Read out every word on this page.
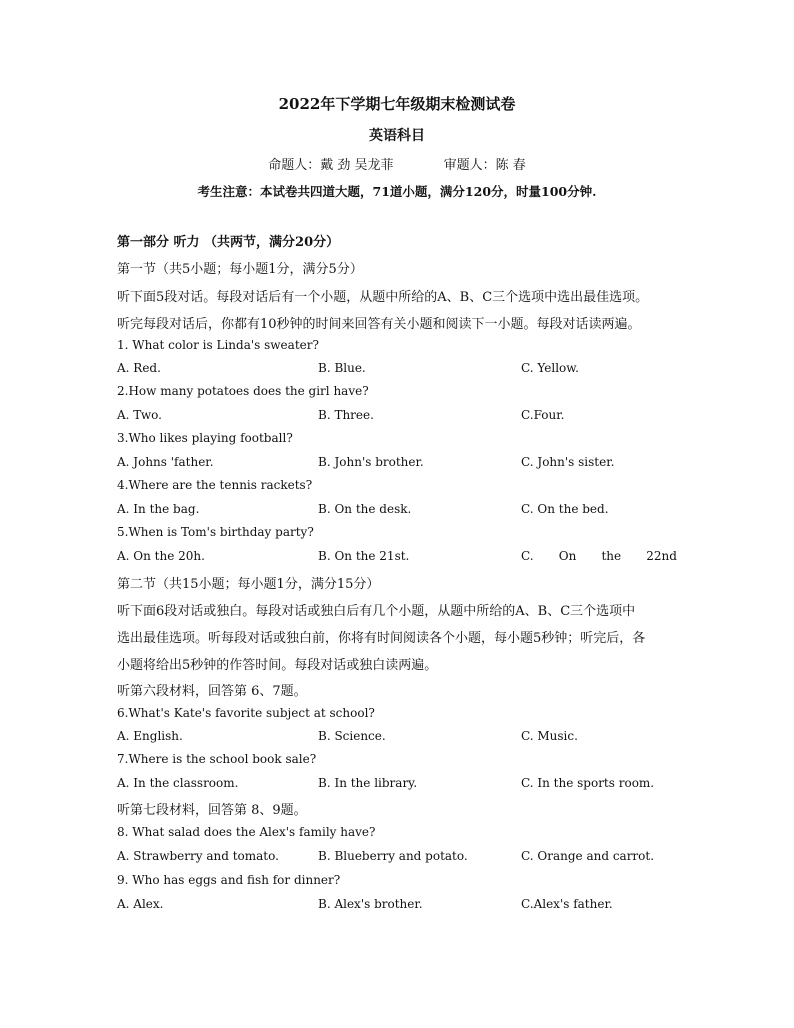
2022年下学期七年级期末检测试卷
英语科目
命题人：戴 劲 吴龙菲	审题人：陈 春
考生注意：本试卷共四道大题，71道小题，满分120分，时量100分钟.
第一部分 听力 （共两节，满分20分）
第一节（共5小题；每小题1分，满分5分）
听下面5段对话。每段对话后有一个小题，从题中所给的A、B、C三个选项中选出最佳选项。
听完每段对话后，你都有10秒钟的时间来回答有关小题和阅读下一小题。每段对话读两遍。
1. What color is Linda's sweater?
A. Red.	B. Blue.	C. Yellow.
2.How many potatoes does the girl have?
A. Two.	B. Three.	C.Four.
3.Who likes playing football?
A. Johns 'father.	B. John's brother.	C. John's sister.
4.Where are the tennis rackets?
A. In the bag.	B. On the desk.	C. On the bed.
5.When is Tom's birthday party?
A. On the 20h.	B. On the 21st.	C. On the 22nd
第二节（共15小题；每小题1分，满分15分）
听下面6段对话或独白。每段对话或独白后有几个小题，从题中所给的A、B、C三个选项中
选出最佳选项。听每段对话或独白前，你将有时间阅读各个小题，每小题5秒钟；听完后，各
小题将给出5秒钟的作答时间。每段对话或独白读两遍。
听第六段材料，回答第 6、7题。
6.What's Kate's favorite subject at school?
A. English.	B. Science.	C. Music.
7.Where is the school book sale?
A. In the classroom.	B. In the library.	C. In the sports room.
听第七段材料，回答第 8、9题。
8. What salad does the Alex's family have?
A. Strawberry and tomato.	B. Blueberry and potato.	C. Orange and carrot.
9. Who has eggs and fish for dinner?
A. Alex.	B. Alex's brother.	C.Alex's father.
